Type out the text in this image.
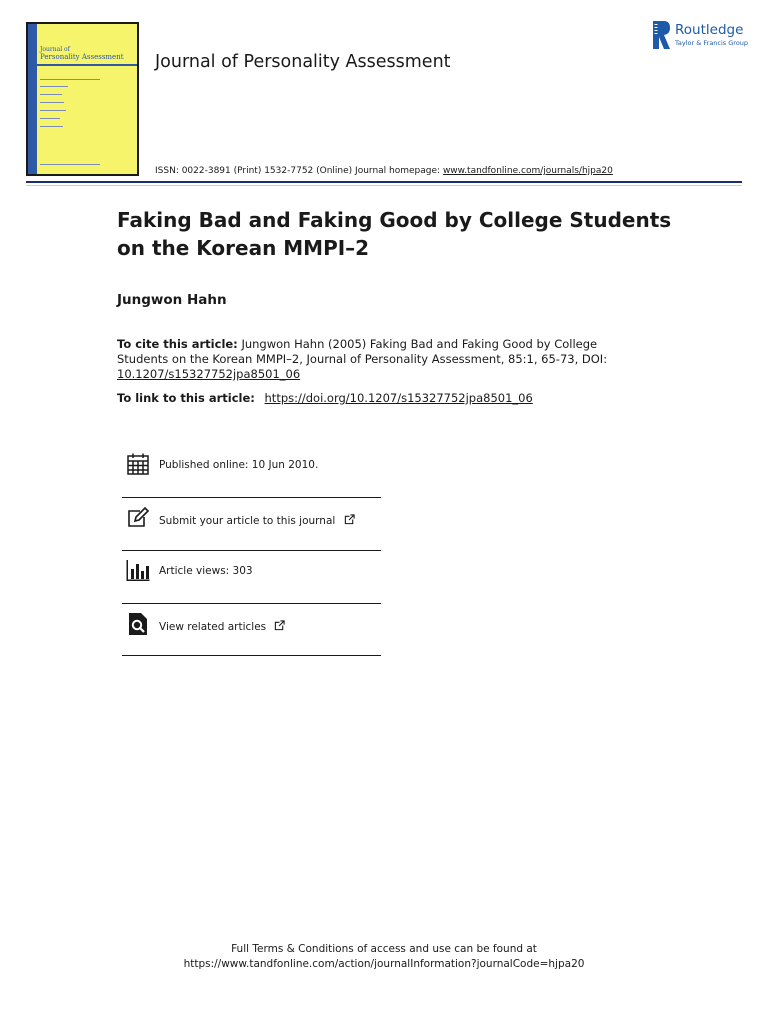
Journal of
Personality Assessment Journal of Personality Assessment
ISSN: 0022-3891 (Print) 1532-7752 (Online) Journal homepage: www.tandfonline.com/journals/hjpa20
Routledge
Taylor & Francis Group
Faking Bad and Faking Good by College Students on the Korean MMPI–2
Jungwon Hahn
To cite this article: Jungwon Hahn (2005) Faking Bad and Faking Good by College Students on the Korean MMPI–2, Journal of Personality Assessment, 85:1, 65-73, DOI: 10.1207/s15327752jpa8501_06
To link to this article: https://doi.org/10.1207/s15327752jpa8501_06
Published online: 10 Jun 2010.
Submit your article to this journal
Article views: 303
View related articles
Full Terms & Conditions of access and use can be found at
https://www.tandfonline.com/action/journalInformation?journalCode=hjpa20
